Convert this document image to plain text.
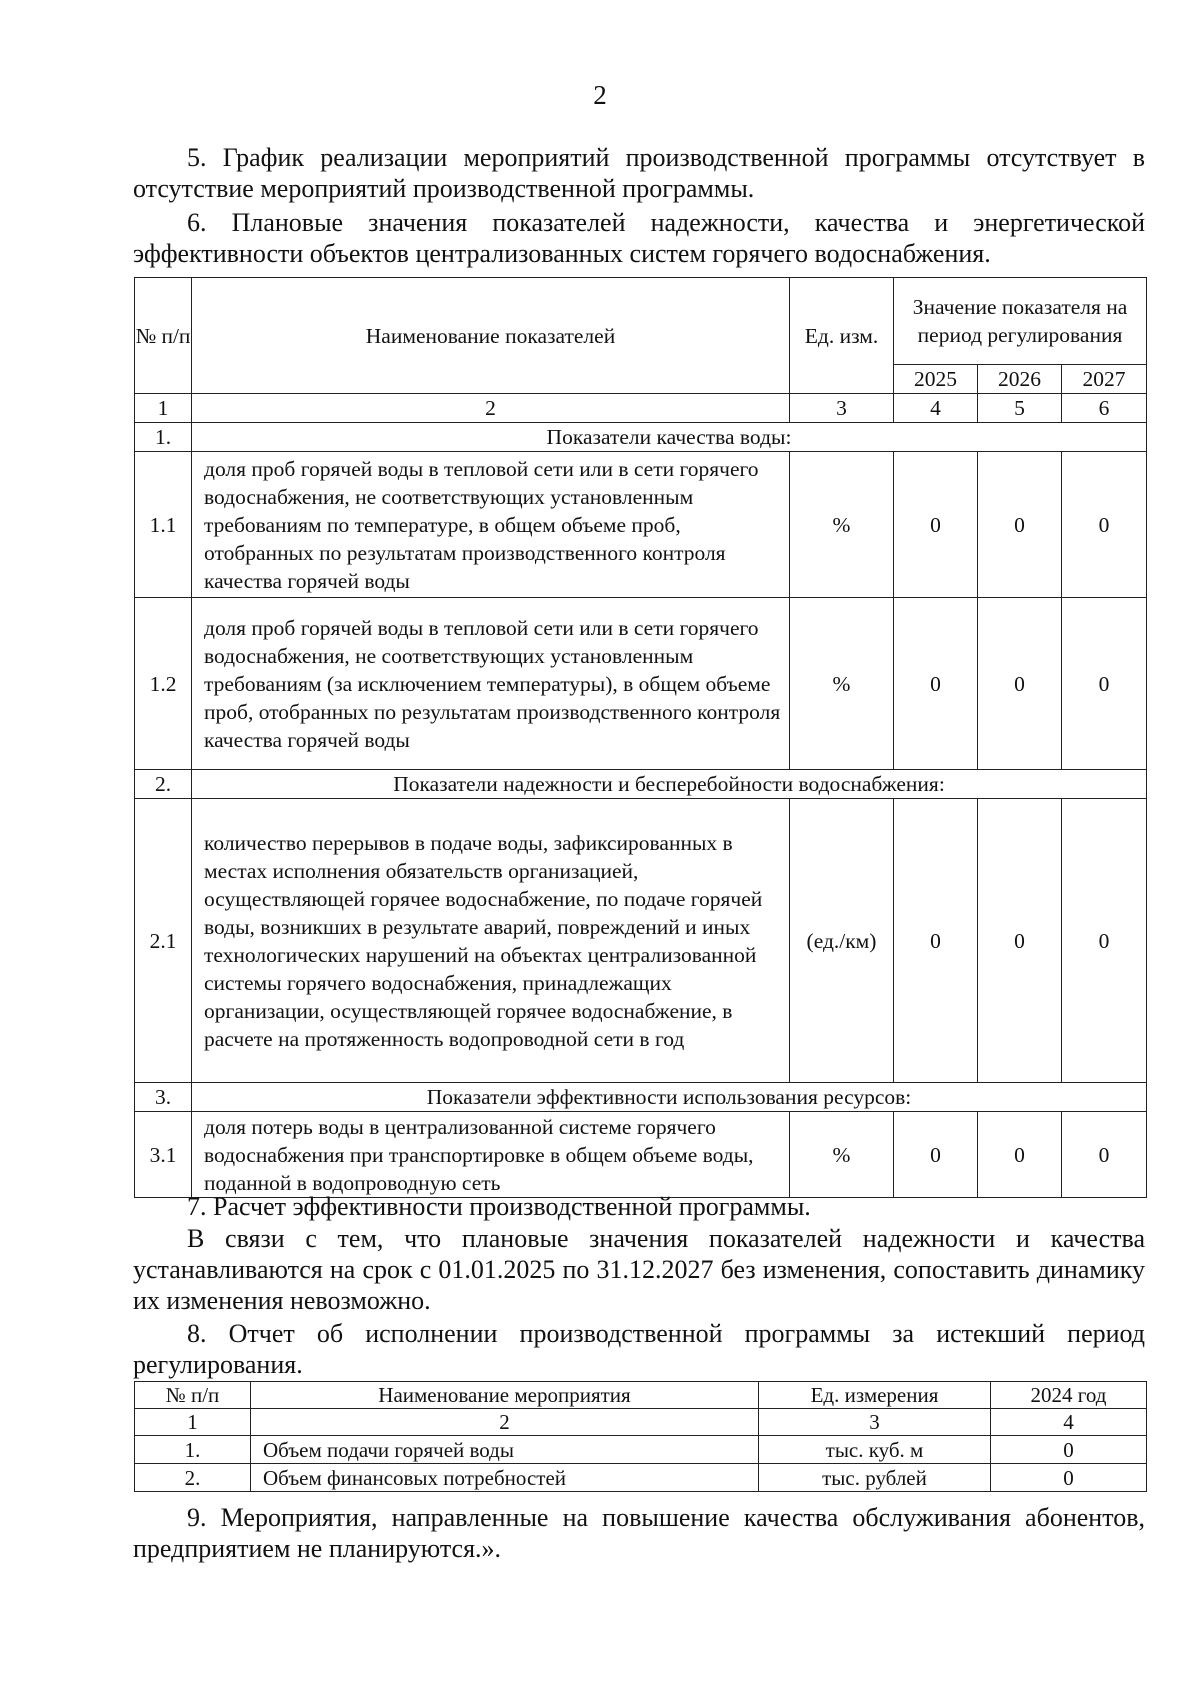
2

5. График реализации мероприятий производственной программы отсутствует в отсутствие мероприятий производственной программы.

6. Плановые значения показателей надежности, качества и энергетической эффективности объектов централизованных систем горячего водоснабжения.

№ п/п	Наименование показателей	Ед. изм.	Значение показателя на период регулирования		
			2025	2026	2027
1	2	3	4	5	6
1.	Показатели качества воды:				
1.1	доля проб горячей воды в тепловой сети или в сети горячего водоснабжения, не соответствующих установленным требованиям по температуре, в общем объеме проб, отобранных по результатам производственного контроля качества горячей воды	%	0	0	0
1.2	доля проб горячей воды в тепловой сети или в сети горячего водоснабжения, не соответствующих установленным требованиям (за исключением температуры), в общем объеме проб, отобранных по результатам производственного контроля качества горячей воды	%	0	0	0
2.	Показатели надежности и бесперебойности водоснабжения:				
2.1	количество перерывов в подаче воды, зафиксированных в местах исполнения обязательств организацией, осуществляющей горячее водоснабжение, по подаче горячей воды, возникших в результате аварий, повреждений и иных технологических нарушений на объектах централизованной системы горячего водоснабжения, принадлежащих организации, осуществляющей горячее водоснабжение, в расчете на протяженность водопроводной сети в год	(ед./км)	0	0	0
3.	Показатели эффективности использования ресурсов:				
3.1	доля потерь воды в централизованной системе горячего водоснабжения при транспортировке в общем объеме воды, поданной в водопроводную сеть	%	0	0	0

7. Расчет эффективности производственной программы.

В связи с тем, что плановые значения показателей надежности и качества устанавливаются на срок с 01.01.2025 по 31.12.2027 без изменения, сопоставить динамику их изменения невозможно.

8. Отчет об исполнении производственной программы за истекший период регулирования.

№ п/п	Наименование мероприятия	Ед. измерения	2024 год
1	2	3	4
1.	Объем подачи горячей воды	тыс. куб. м	0
2.	Объем финансовых потребностей	тыс. рублей	0

9. Мероприятия, направленные на повышение качества обслуживания абонентов, предприятием не планируются.».
